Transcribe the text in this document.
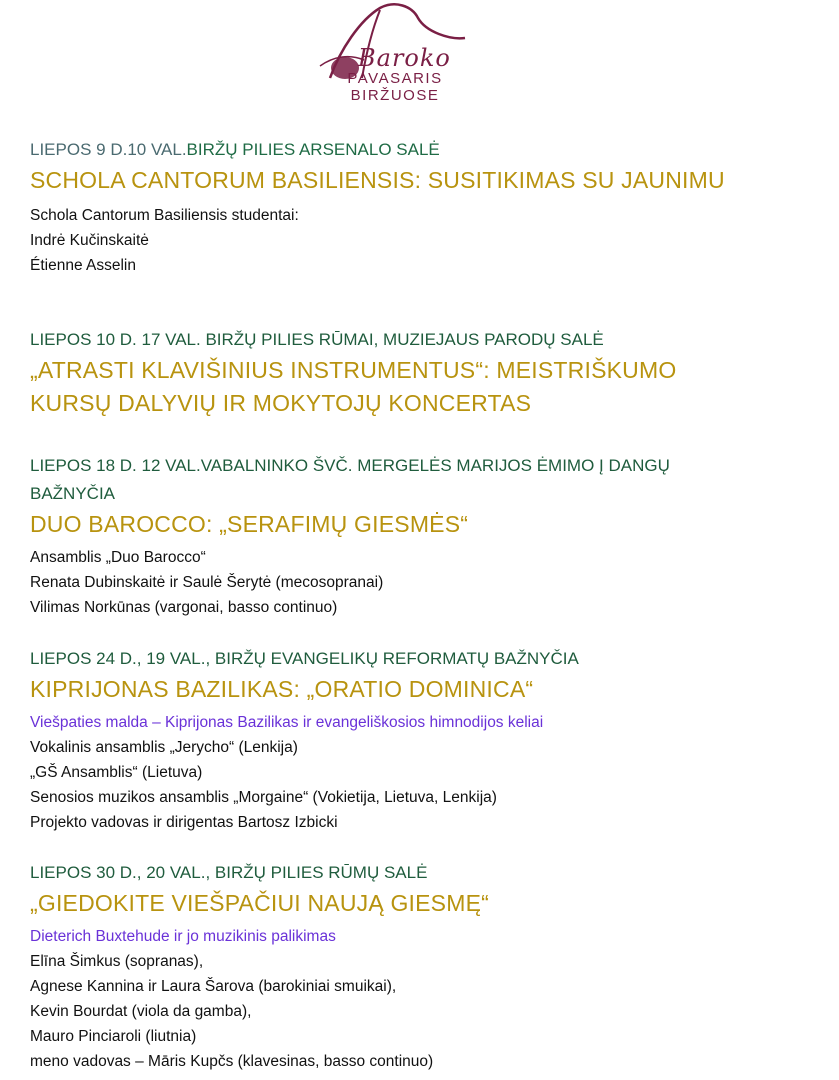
Baroko
PAVASARIS
BIRŽUOSE
LIEPOS 9 D.10 VAL.BIRŽŲ PILIES ARSENALO SALĖ
SCHOLA CANTORUM BASILIENSIS: SUSITIKIMAS SU JAUNIMU
Schola Cantorum Basiliensis studentai:
Indrė Kučinskaitė
Étienne Asselin
LIEPOS 10 D. 17 VAL. BIRŽŲ PILIES RŪMAI, MUZIEJAUS PARODŲ SALĖ
„ATRASTI KLAVIŠINIUS INSTRUMENTUS“: MEISTRIŠKUMO
KURSŲ DALYVIŲ IR MOKYTOJŲ KONCERTAS
LIEPOS 18 D. 12 VAL.VABALNINKO ŠVČ. MERGELĖS MARIJOS ĖMIMO Į DANGŲ
BAŽNYČIA
DUO BAROCCO: „SERAFIMŲ GIESMĖS“
Ansamblis „Duo Barocco“
Renata Dubinskaitė ir Saulė Šerytė (mecosopranai)
Vilimas Norkūnas (vargonai, basso continuo)
LIEPOS 24 D., 19 VAL., BIRŽŲ EVANGELIKŲ REFORMATŲ BAŽNYČIA
KIPRIJONAS BAZILIKAS: „ORATIO DOMINICA“
Viešpaties malda – Kiprijonas Bazilikas ir evangeliškosios himnodijos keliai
Vokalinis ansamblis „Jerycho“ (Lenkija)
„GŠ Ansamblis“ (Lietuva)
Senosios muzikos ansamblis „Morgaine“ (Vokietija, Lietuva, Lenkija)
Projekto vadovas ir dirigentas Bartosz Izbicki
LIEPOS 30 D., 20 VAL., BIRŽŲ PILIES RŪMŲ SALĖ
„GIEDOKITE VIEŠPAČIUI NAUJĄ GIESMĘ“
Dieterich Buxtehude ir jo muzikinis palikimas
Elīna Šimkus (sopranas),
Agnese Kannina ir Laura Šarova (barokiniai smuikai),
Kevin Bourdat (viola da gamba),
Mauro Pinciaroli (liutnia)
meno vadovas – Māris Kupčs (klavesinas, basso continuo)
